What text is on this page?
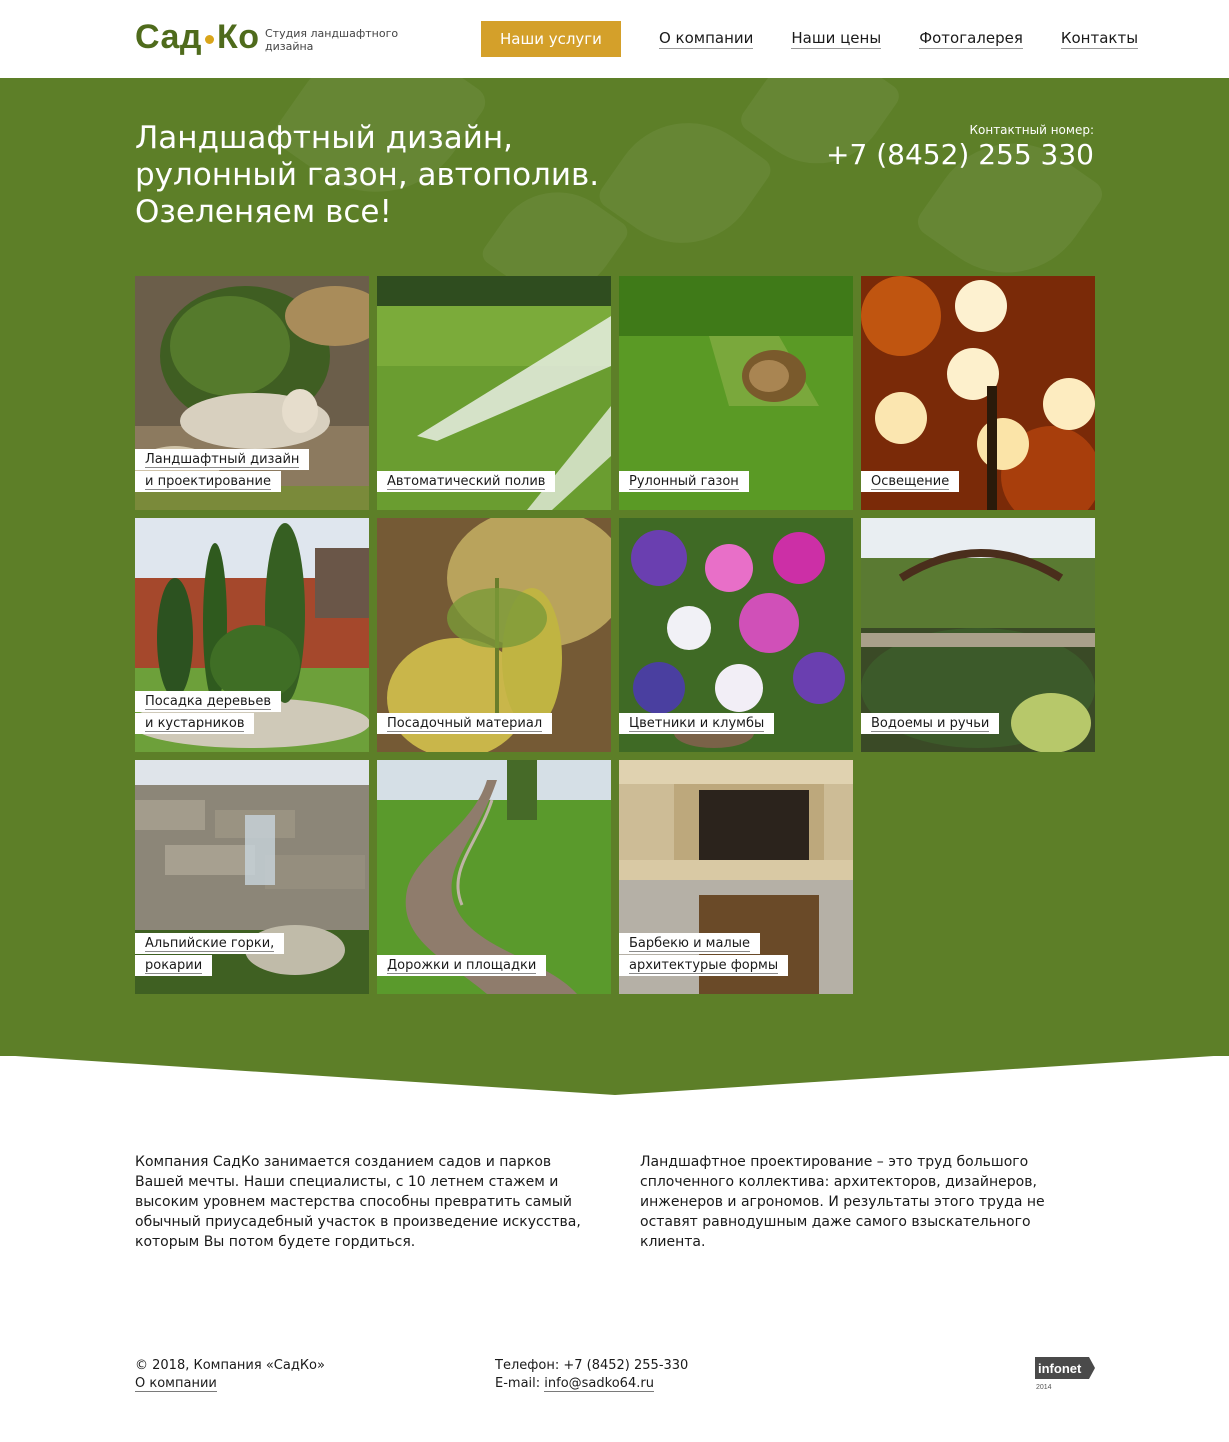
Сад Ко Студия ландшафтного дизайна	Наши услуги	О компании	Наши цены	Фотогалерея	Контакты
Ландшафтный дизайн,
рулонный газон, автополив.
Озеленяем все!
Контактный номер:
+7 (8452) 255 330
Ландшафтный дизайн
и проектирование	Автоматический полив	Рулонный газон	Освещение
Посадка деревьев
и кустарников	Посадочный материал	Цветники и клумбы	Водоемы и ручьи
Альпийские горки,
рокарии	Дорожки и площадки
Барбекю и малые
архитектурые формы
Компания СадКо занимается созданием садов и парков Вашей мечты. Наши специалисты, с 10 летнем стажем и высоким уровнем мастерства способны превратить самый обычный приусадебный участок в произведение искусства, которым Вы потом будете гордиться.
Ландшафтное проектирование – это труд большого сплоченного коллектива: архитекторов, дизайнеров, инженеров и агрономов. И результаты этого труда не оставят равнодушным даже самого взыскательного клиента.
© 2018, Компания «СадКо»
О компании
Телефон: +7 (8452) 255-330
E-mail: info@sadko64.ru
infonet
2014
